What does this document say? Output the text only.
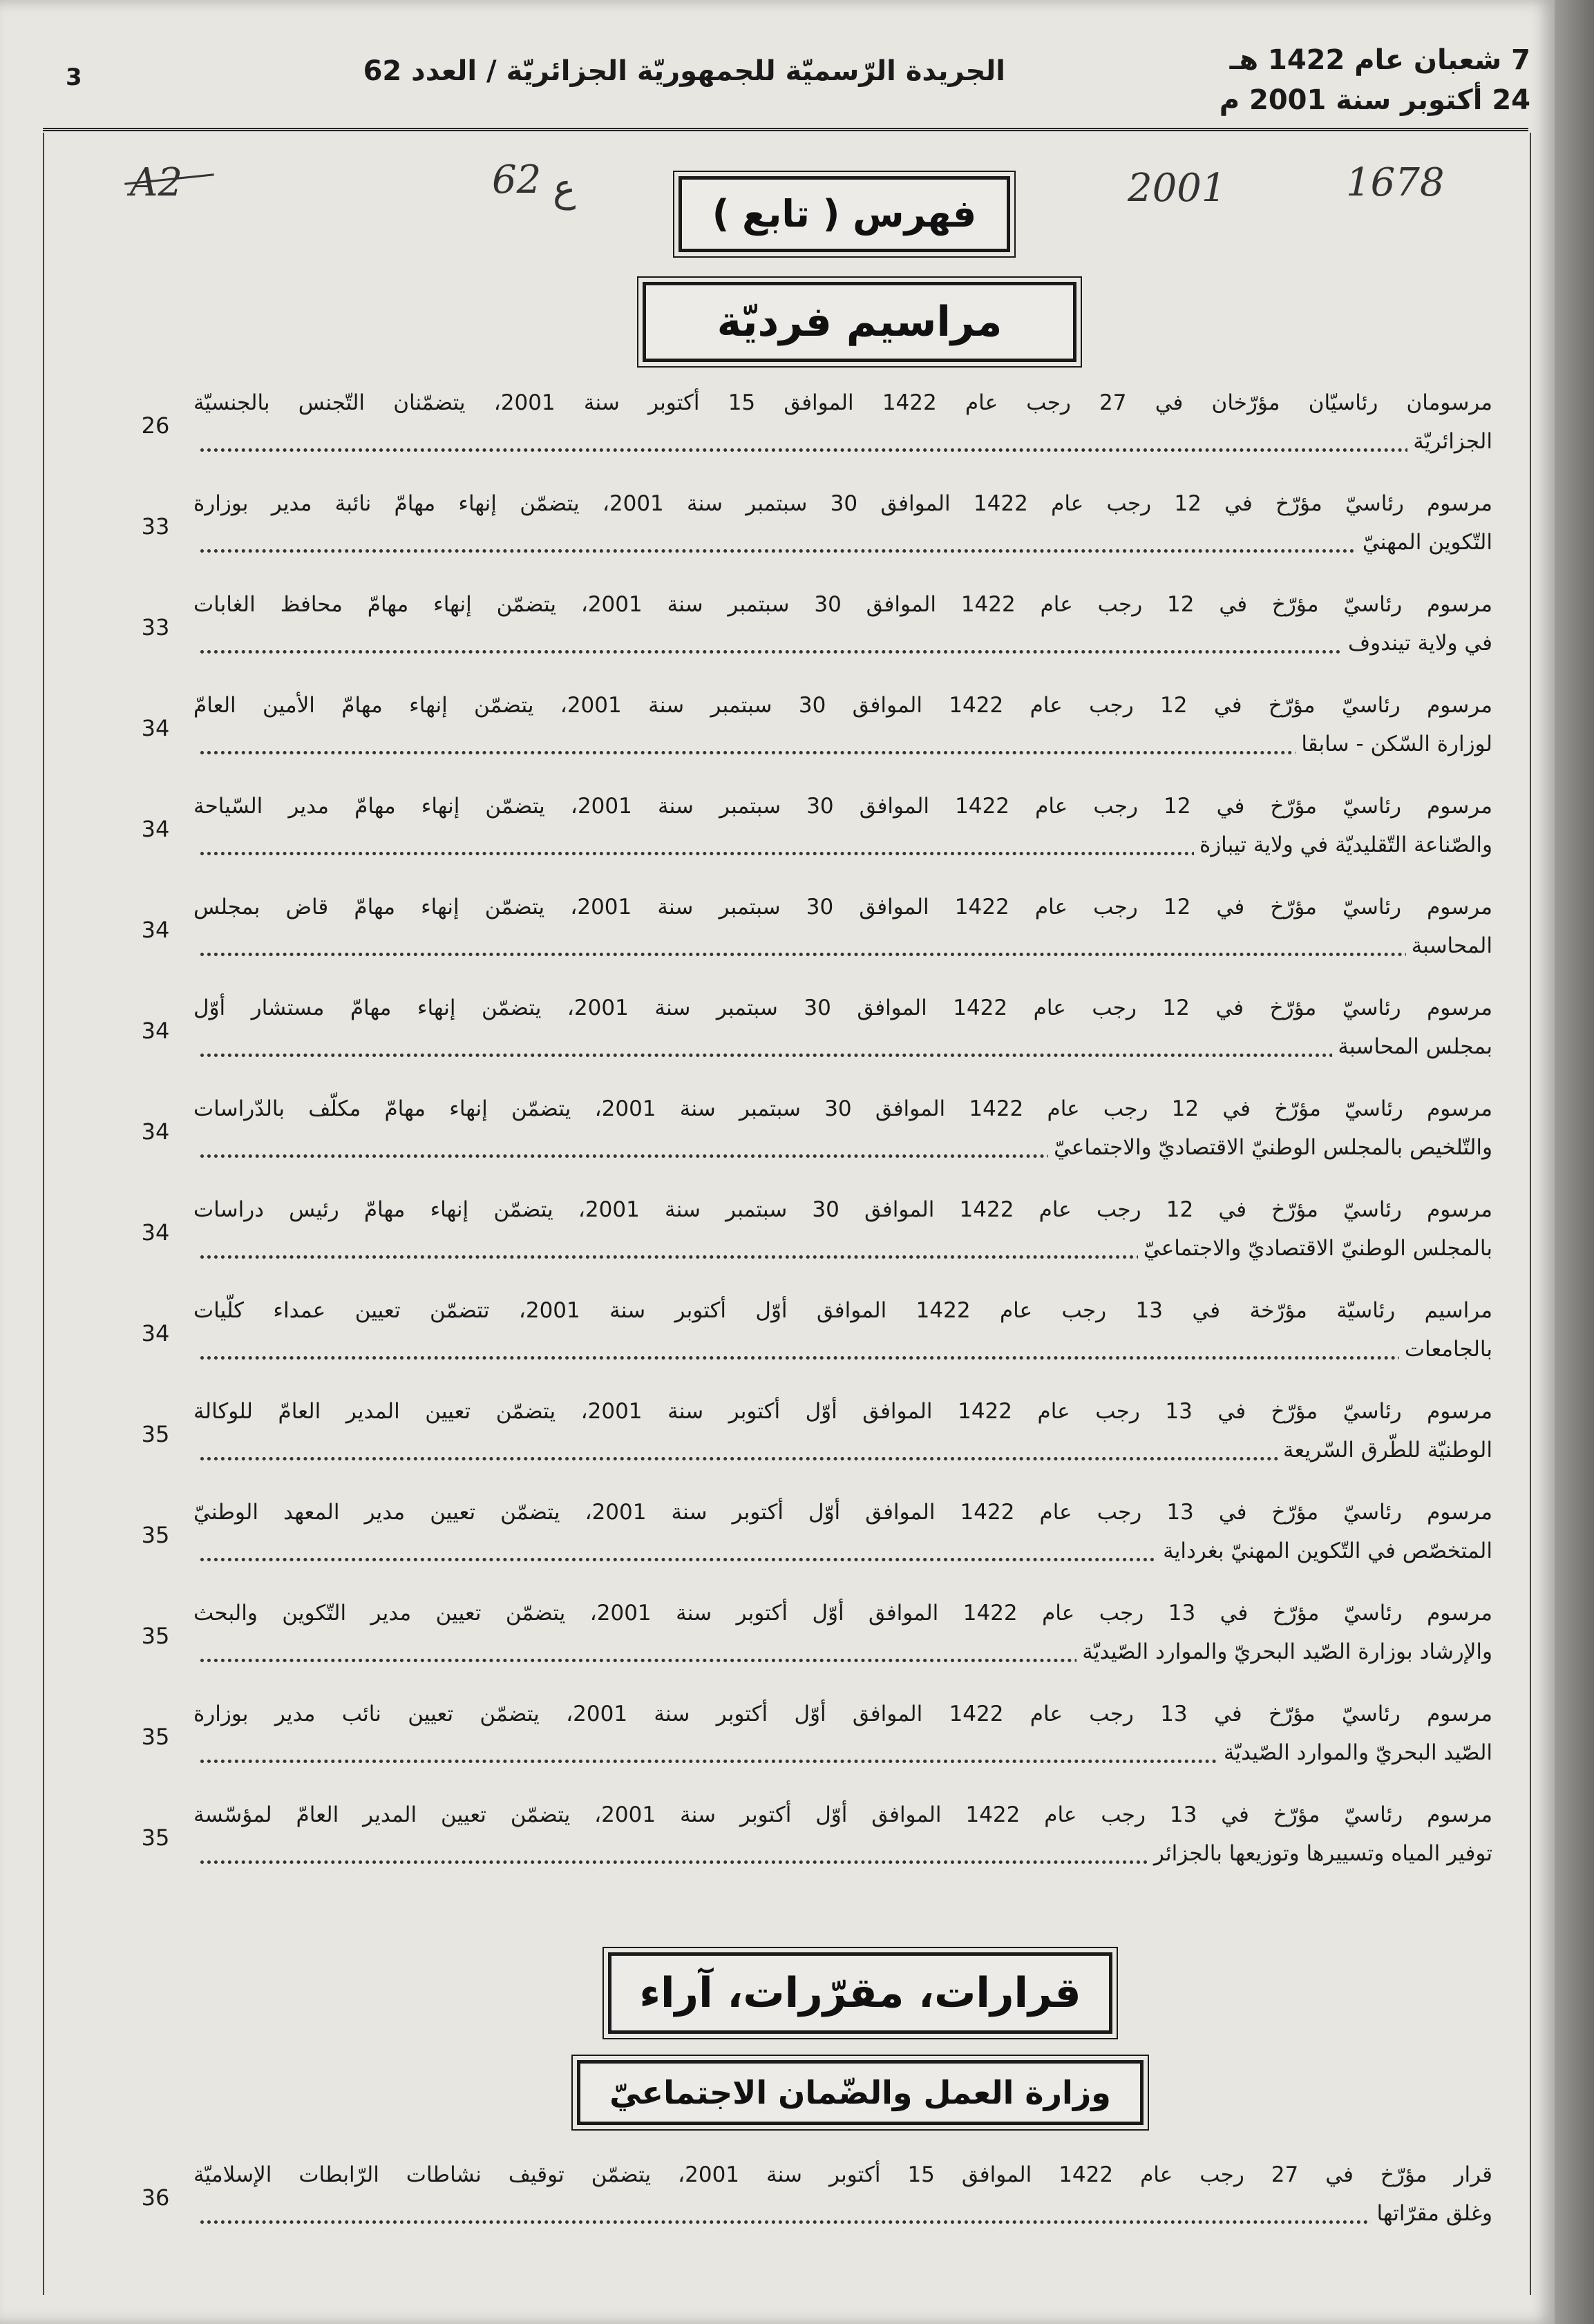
7 شعبان عام 1422 هـ
24 أكتوبر سنة 2001 م
الجريدة الرّسميّة للجمهوريّة الجزائريّة / العدد 62
3
A2	62 ع	2001	1678
فهرس ( تابع )
مراسيم فرديّة
مرسومان رئاسيّان مؤرّخان في 27 رجب عام 1422 الموافق 15 أكتوبر سنة 2001، يتضمّنان التّجنس بالجنسيّة
الجزائريّة
26
مرسوم رئاسيّ مؤرّخ في 12 رجب عام 1422 الموافق 30 سبتمبر سنة 2001، يتضمّن إنهاء مهامّ نائبة مدير بوزارة
التّكوين المهنيّ
33
مرسوم رئاسيّ مؤرّخ في 12 رجب عام 1422 الموافق 30 سبتمبر سنة 2001، يتضمّن إنهاء مهامّ محافظ الغابات
في ولاية تيندوف
33
مرسوم رئاسيّ مؤرّخ في 12 رجب عام 1422 الموافق 30 سبتمبر سنة 2001، يتضمّن إنهاء مهامّ الأمين العامّ
لوزارة السّكن - سابقا
34
مرسوم رئاسيّ مؤرّخ في 12 رجب عام 1422 الموافق 30 سبتمبر سنة 2001، يتضمّن إنهاء مهامّ مدير السّياحة
والصّناعة التّقليديّة في ولاية تيبازة
34
مرسوم رئاسيّ مؤرّخ في 12 رجب عام 1422 الموافق 30 سبتمبر سنة 2001، يتضمّن إنهاء مهامّ قاض بمجلس
المحاسبة
34
مرسوم رئاسيّ مؤرّخ في 12 رجب عام 1422 الموافق 30 سبتمبر سنة 2001، يتضمّن إنهاء مهامّ مستشار أوّل
بمجلس المحاسبة
34
مرسوم رئاسيّ مؤرّخ في 12 رجب عام 1422 الموافق 30 سبتمبر سنة 2001، يتضمّن إنهاء مهامّ مكلّف بالدّراسات
والتّلخيص بالمجلس الوطنيّ الاقتصاديّ والاجتماعيّ
34
مرسوم رئاسيّ مؤرّخ في 12 رجب عام 1422 الموافق 30 سبتمبر سنة 2001، يتضمّن إنهاء مهامّ رئيس دراسات
بالمجلس الوطنيّ الاقتصاديّ والاجتماعيّ
34
مراسيم رئاسيّة مؤرّخة في 13 رجب عام 1422 الموافق أوّل أكتوبر سنة 2001، تتضمّن تعيين عمداء كلّيات
بالجامعات
34
مرسوم رئاسيّ مؤرّخ في 13 رجب عام 1422 الموافق أوّل أكتوبر سنة 2001، يتضمّن تعيين المدير العامّ للوكالة
الوطنيّة للطّرق السّريعة
35
مرسوم رئاسيّ مؤرّخ في 13 رجب عام 1422 الموافق أوّل أكتوبر سنة 2001، يتضمّن تعيين مدير المعهد الوطنيّ
المتخصّص في التّكوين المهنيّ بغرداية
35
مرسوم رئاسيّ مؤرّخ في 13 رجب عام 1422 الموافق أوّل أكتوبر سنة 2001، يتضمّن تعيين مدير التّكوين والبحث
والإرشاد بوزارة الصّيد البحريّ والموارد الصّيديّة
35
مرسوم رئاسيّ مؤرّخ في 13 رجب عام 1422 الموافق أوّل أكتوبر سنة 2001، يتضمّن تعيين نائب مدير بوزارة
الصّيد البحريّ والموارد الصّيديّة
35
مرسوم رئاسيّ مؤرّخ في 13 رجب عام 1422 الموافق أوّل أكتوبر سنة 2001، يتضمّن تعيين المدير العامّ لمؤسّسة
توفير المياه وتسييرها وتوزيعها بالجزائر
35
قرارات، مقرّرات، آراء
وزارة العمل والضّمان الاجتماعيّ
قرار مؤرّخ في 27 رجب عام 1422 الموافق 15 أكتوبر سنة 2001، يتضمّن توقيف نشاطات الرّابطات الإسلاميّة
وغلق مقرّاتها
36
